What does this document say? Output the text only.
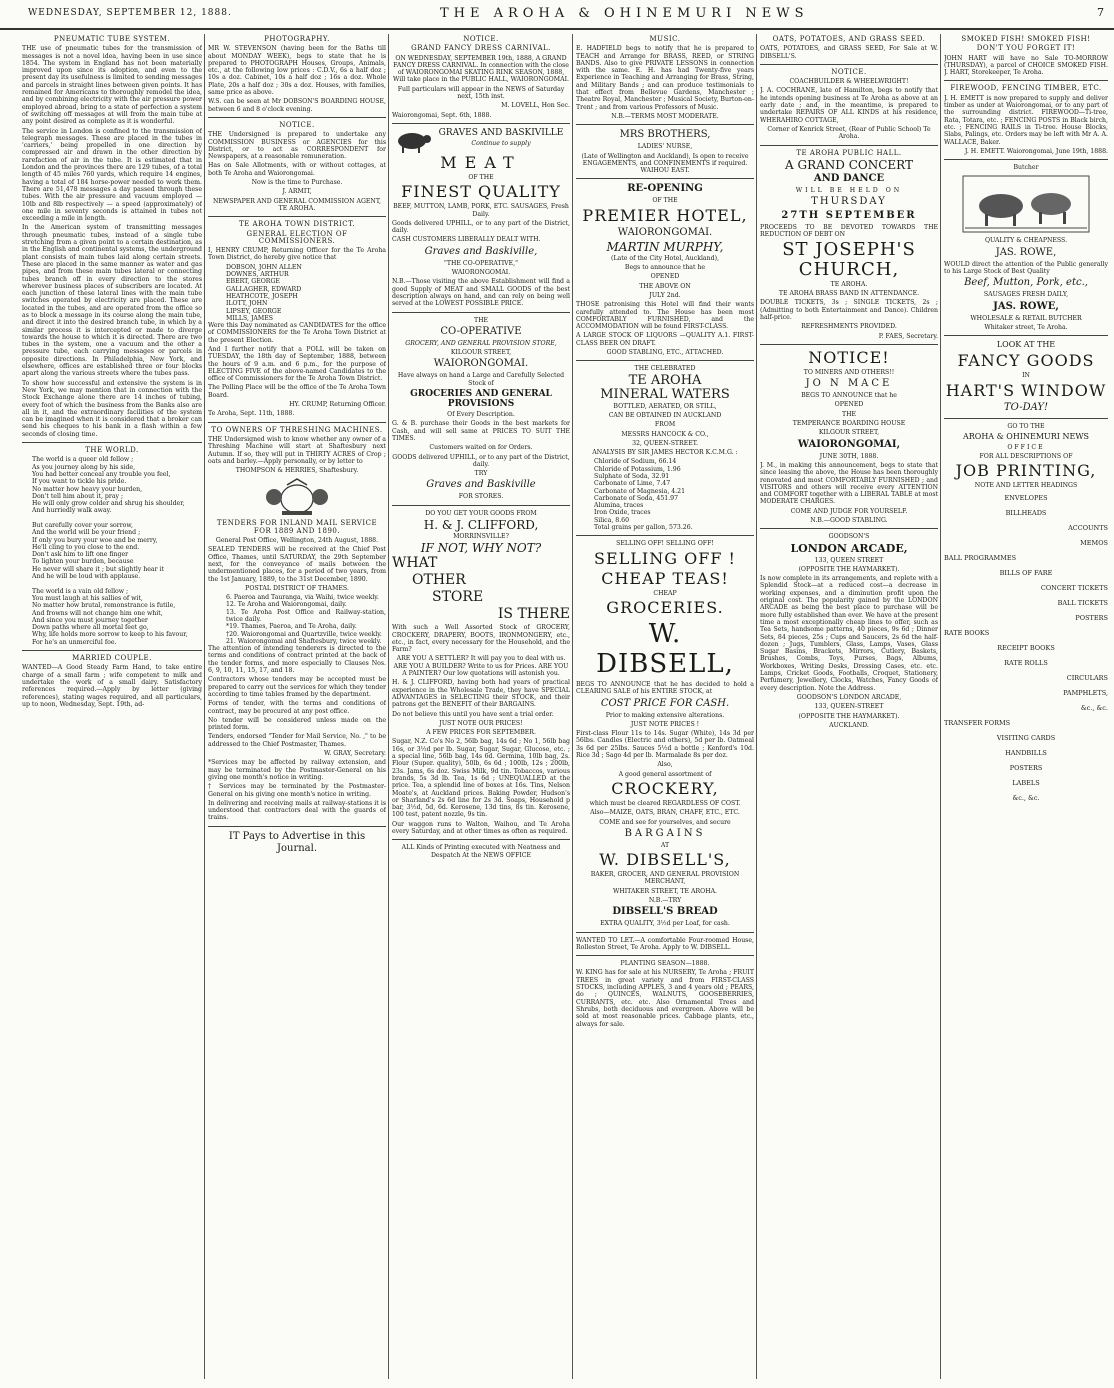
WEDNESDAY, SEPTEMBER 12, 1888.	THE AROHA & OHINEMURI NEWS	7
PNEUMATIC TUBE SYSTEM.

THE use of pneumatic tubes for the transmission of messages is not a novel idea, having been in use since 1854. The system in England has not been materially improved upon since its adoption, and even to the present day its usefulness is limited to sending messages and parcels in straight lines between given points. It has remained for Americans to thoroughly remodel the idea, and by combining electricity with the air pressure power employed abroad, bring to a state of perfection a system of switching off messages at will from the main tube at any point desired as complete as it is wonderful.

The service in London is confined to the transmission of telegraph messages. These are placed in the tubes in 'carriers,' being propelled in one direction by compressed air and drawn in the other direction by rarefaction of air in the tube. It is estimated that in London and the provinces there are 129 tubes, of a total length of 45 miles 760 yards, which require 14 engines, having a total of 184 horse-power needed to work them. There are 51,478 messages a day passed through these tubes. With the air pressure and vacuum employed — 10lb and 8lb respectively — a speed (approximately) of one mile in seventy seconds is attained in tubes not exceeding a mile in length.

In the American system of transmitting messages through pneumatic tubes, instead of a single tube stretching from a given point to a certain destination, as in the English and continental systems, the underground plant consists of main tubes laid along certain streets. These are placed in the same manner as water and gas pipes, and from these main tubes lateral or connecting tubes branch off in every direction to the stores wherever business places of subscribers are located. At each junction of these lateral lines with the main tube switches operated by electricity are placed. These are located in the tubes, and are operated from the office so as to block a message in its course along the main tube, and direct it into the desired branch tube, in which by a similar process it is intercepted or made to diverge towards the house to which it is directed. There are two tubes in the system, one a vacuum and the other a pressure tube, each carrying messages or parcels in opposite directions. In Philadelphia, New York, and elsewhere, offices are established three or four blocks apart along the various streets where the tubes pass.

To show how successful and extensive the system is in New York, we may mention that in connection with the Stock Exchange alone there are 14 inches of tubing, every foot of which the business from the Banks also are all in it, and the extraordinary facilities of the system can be imagined when it is considered that a broker can send his cheques to his bank in a flash within a few seconds of closing time.

THE WORLD.

The world is a queer old fellow ;
As you journey along by his side,
You had better conceal any trouble you feel,
If you want to tickle his pride.
No matter how heavy your burden,
Don't tell him about it, pray ;
He will only grow colder and shrug his shoulder,
And hurriedly walk away.

But carefully cover your sorrow,
And the world will be your friend ;
If only you bury your woe and be merry,
He'll cling to you close to the end.
Don't ask him to lift one finger
To lighten your burden, because
He never will share it ; but slightly hear it
And he will be loud with applause.

The world is a vain old fellow ;
You must laugh at his sallies of wit,
No matter how brutal, remonstrance is futile,
And frowns will not change him one whit,
And since you must journey together
Down paths where all mortal feet go,
Why, life holds more sorrow to keep to his favour,
For he's an unmerciful foe.

MARRIED COUPLE.

WANTED—A Good Steady Farm Hand, to take entire charge of a small farm ; wife competent to milk and undertake the work of a small dairy. Satisfactory references required.—Apply by letter (giving references), stating wages required, and all particulars, up to noon, Wednesday, Sept. 19th, ad-

PHOTOGRAPHY.

MR W. STEVENSON (having been for the Baths till about MONDAY WEEK), begs to state that he is prepared to PHOTOGRAPH Houses, Groups, Animals, etc., at the following low prices : C.D.V., 6s a half doz ; 10s a doz. Cabinet, 10s a half doz ; 16s a doz. Whole Plate, 20s a half doz ; 30s a doz. Houses, with families, same price as above.

W.S. can be seen at Mr DOBSON'S BOARDING HOUSE, between 6 and 8 o'clock evening.

NOTICE.

THE Undersigned is prepared to undertake any COMMISSION BUSINESS or AGENCIES for this District, or to act as CORRESPONDENT for Newspapers, at a reasonable remuneration.

Has on Sale Allotments, with or without cottages, at both Te Aroha and Waiorongomai.

Now is the time to Purchase.

J. ARMIT,

NEWSPAPER AND GENERAL COMMISSION AGENT, TE AROHA.

TE AROHA TOWN DISTRICT.
GENERAL ELECTION OF COMMISSIONERS.

I, HENRY CRUMP, Returning Officer for the Te Aroha Town District, do hereby give notice that

DOBSON, JOHN ALLEN

DOWNES, ARTHUR

EBERT, GEORGE

GALLAGHER, EDWARD

HEATHCOTE, JOSEPH

ILOTT, JOHN

LIPSEY, GEORGE

MILLS, JAMES

Were this Day nominated as CANDIDATES for the office of COMMISSIONERS for the Te Aroha Town District at the present Election.

And I further notify that a POLL will be taken on TUESDAY, the 18th day of September, 1888, between the hours of 9 a.m. and 6 p.m., for the purpose of ELECTING FIVE of the above-named Candidates to the office of Commissioners for the Te Aroha Town District.

The Polling Place will be the office of the Te Aroha Town Board.

HY. CRUMP, Returning Officer.

Te Aroha, Sept. 11th, 1888.

TO OWNERS OF THRESHING MACHINES.

THE Undersigned wish to know whether any owner of a Threshing Machine will start at Shaftesbury next Autumn. If so, they will put in THIRTY ACRES of Crop ; oats and barley.—Apply personally, or by letter to

THOMPSON & HERRIES, Shaftesbury.

TENDERS FOR INLAND MAIL SERVICE FOR 1889 AND 1890.

General Post Office, Wellington, 24th August, 1888.

SEALED TENDERS will be received at the Chief Post Office, Thames, until SATURDAY, the 29th September next, for the conveyance of mails between the undermentioned places, for a period of two years, from the 1st January, 1889, to the 31st December, 1890.

POSTAL DISTRICT OF THAMES.

6. Paeroa and Tauranga, via Waihi, twice weekly.

12. Te Aroha and Waiorongomai, daily.

13. Te Aroha Post Office and Railway-station, twice daily.

*19. Thames, Paeroa, and Te Aroha, daily.

†20. Waiorongomai and Quartzville, twice weekly.

21. Waiorongomai and Shaftesbury, twice weekly.

The attention of intending tenderers is directed to the terms and conditions of contract printed at the back of the tender forms, and more especially to Clauses Nos. 6, 9, 10, 11, 15, 17, and 18.

Contractors whose tenders may be accepted must be prepared to carry out the services for which they tender according to time tables framed by the department.

Forms of tender, with the terms and conditions of contract, may be procured at any post office.

No tender will be considered unless made on the printed form.

Tenders, endorsed "Tender for Mail Service, No. ," to be addressed to the Chief Postmaster, Thames.

W. GRAY, Secretary.

*Services may be affected by railway extension, and may be terminated by the Postmaster-General on his giving one month's notice in writing.

† Services may be terminated by the Postmaster-General on his giving one month's notice in writing.

In delivering and receiving mails at railway-stations it is understood that contractors deal with the guards of trains.

IT Pays to Advertise in this Journal.

NOTICE.
GRAND FANCY DRESS CARNIVAL.

ON WEDNESDAY, SEPTEMBER 19th, 1888, A GRAND FANCY DRESS CARNIVAL. In connection with the close of WAIORONGOMAI SKATING RINK SEASON, 1888, Will take place in the PUBLIC HALL, WAIORONGOMAI.

Full particulars will appear in the NEWS of Saturday next, 15th inst.

M. LOVELL, Hon Sec.

Waiorongomai, Sept. 6th, 1888.

GRAVES AND BASKIVILLE

Continue to supply

MEAT

OF THE

FINEST QUALITY

BEEF, MUTTON, LAMB, PORK, ETC. SAUSAGES, Fresh Daily.

Goods delivered UPHILL, or to any part of the District, daily.

CASH CUSTOMERS LIBERALLY DEALT WITH.

Graves and Baskiville,

"THE CO-OPERATIVE,"

WAIORONGOMAI.

N.B.—Those visiting the above Establishment will find a good Supply of MEAT and SMALL GOODS of the best description always on hand, and can rely on being well served at the LOWEST POSSIBLE PRICE.

THE

CO-OPERATIVE

GROCERY, AND GENERAL PROVISION STORE,

KILGOUR STREET,

WAIORONGOMAI.

Have always on hand a Large and Carefully Selected Stock of

GROCERIES AND GENERAL PROVISIONS

Of Every Description.

G. & B. purchase their Goods in the best markets for Cash, and will sell same at PRICES TO SUIT THE TIMES.

Customers waited on for Orders.

GOODS delivered UPHILL, or to any part of the District, daily.

TRY

Graves and Baskiville

FOR STORES.

DO YOU GET YOUR GOODS FROM

H. & J. CLIFFORD,

MORRINSVILLE?

IF NOT, WHY NOT?

WHAT

OTHER

STORE

IS THERE

With such a Well Assorted Stock of GROCERY, CROCKERY, DRAPERY, BOOTS, IRONMONGERY, etc., etc., in fact, every necessary for the Household, and the Farm?

ARE YOU A SETTLER? It will pay you to deal with us. ARE YOU A BUILDER? Write to us for Prices. ARE YOU A PAINTER? Our low quotations will astonish you.

H. & J. CLIFFORD, having both had years of practical experience in the Wholesale Trade, they have SPECIAL ADVANTAGES in SELECTING their STOCK, and their patrons get the BENEFIT of their BARGAINS.

Do not believe this until you have sent a trial order.

JUST NOTE OUR PRICES!

A FEW PRICES FOR SEPTEMBER.

Sugar, N.Z. Co's No 2, 56lb bag, 14s 6d ; No 1, 56lb bag 16s, or 3½d per lb. Sugar, Sugar, Sugar, Glucose, etc. ; a special line, 56lb bag, 14s 6d. Germina, 10lb bag, 2s. Flour (Super. quality), 50lb, 6s 6d ; 100lb, 12s ; 200lb, 23s. Jams, 6s doz. Swiss Milk, 9d tin. Tobaccos, various brands, 5s 3d lb. Tea, 1s 6d ; UNEQUALLED at the price. Tea, a splendid line of boxes at 16s. Tins, Nelson Moate's, at Auckland prices. Baking Powder, Hudson's or Sharland's 2s 6d line for 2s 3d. Soaps, Household p bar, 3½d, 5d, 6d. Kerosene, 13d tins, 8s tin. Kerosene, 100 test, patent nozzle, 9s tin.

Our waggon runs to Walton, Waihou, and Te Aroha every Saturday, and at other times as often as required.

ALL Kinds of Printing executed with Neatness and Despatch At the NEWS OFFICE

MUSIC.

E. HADFIELD begs to notify that he is prepared to TEACH and Arrange for BRASS, REED, or STRING BANDS. Also to give PRIVATE LESSONS in connection with the same. E. H. has had Twenty-five years Experience in Teaching and Arranging for Brass, String, and Military Bands ; and can produce testimonials to that effect from Bellevue Gardens, Manchester ; Theatre Royal, Manchester ; Musical Society, Burton-on-Trent ; and from various Professors of Music.

N.B.—TERMS MOST MODERATE.

MRS BROTHERS,

LADIES' NURSE,

(Late of Wellington and Auckland), Is open to receive ENGAGEMENTS, and CONFINEMENTS if required. WAIHOU EAST.

RE-OPENING

OF THE

PREMIER HOTEL,

WAIORONGOMAI.

MARTIN MURPHY,

(Late of the City Hotel, Auckland),

Begs to announce that he

OPENED

THE ABOVE ON

JULY 2nd.

THOSE patronising this Hotel will find their wants carefully attended to. The House has been most COMFORTABLY FURNISHED, and the ACCOMMODATION will be found FIRST-CLASS.

A LARGE STOCK OF LIQUORS —QUALITY A.1. FIRST-CLASS BEER ON DRAFT.

GOOD STABLING, ETC., ATTACHED.

THE CELEBRATED

TE AROHA

MINERAL WATERS

BOTTLED, AERATED, OR STILL,

CAN BE OBTAINED IN AUCKLAND

FROM

MESSRS HANCOCK & CO.,

32, QUEEN-STREET.

ANALYSIS BY SIR JAMES HECTOR K.C.M.G. :

Chloride of Sodium, 66.14

Chloride of Potassium, 1.96

Sulphate of Soda, 32.91

Carbonate of Lime, 7.47

Carbonate of Magnesia, 4.21

Carbonate of Soda, 451.97

Alumina, traces

Iron Oxide, traces

Silica, 8.60

Total grains per gallon, 573.26.

SELLING OFF! SELLING OFF!

SELLING OFF !

CHEAP TEAS!

CHEAP

GROCERIES.

W. DIBSELL,

BEGS TO ANNOUNCE that he has decided to hold a CLEARING SALE of his ENTIRE STOCK, at

COST PRICE FOR CASH.

Prior to making extensive alterations.

JUST NOTE PRICES !

First-class Flour 11s to 14s. Sugar (White), 14s 3d per 56lbs. Candles (Electric and others), 5d per lb. Oatmeal 3s 6d per 25lbs. Sauces 5½d a bottle ; Kenford's 10d. Rice 3d ; Sago 4d per lb. Marmalade 8s per doz.

Also,

A good general assortment of

CROCKERY,

which must be cleared REGARDLESS OF COST.

Also—MAIZE, OATS, BRAN, CHAFF, ETC., ETC.

COME and see for yourselves, and secure

BARGAINS

AT

W. DIBSELL'S,

BAKER, GROCER, AND GENERAL PROVISION MERCHANT,

WHITAKER STREET, TE AROHA.

N.B.—TRY

DIBSELL'S BREAD

EXTRA QUALITY, 3½d per Loaf, for cash.

WANTED TO LET.—A comfortable Four-roomed House, Rolleston Street, Te Aroha. Apply to W. DIBSELL.

PLANTING SEASON—1888.

W. KING has for sale at his NURSERY, Te Aroha ; FRUIT TREES in great variety and from FIRST-CLASS STOCKS, including APPLES, 3 and 4 years old ; PEARS, do ; QUINCES, WALNUTS, GOOSEBERRIES, CURRANTS, etc. etc. Also Ornamental Trees and Shrubs, both deciduous and evergreen. Above will be sold at most reasonable prices. Cabbage plants, etc., always for sale.

OATS, POTATOES, AND GRASS SEED.

OATS, POTATOES, and GRASS SEED, For Sale at W. DIBSELL'S.

NOTICE.

COACHBUILDER & WHEELWRIGHT!

J. A. COCHRANE, late of Hamilton, begs to notify that he intends opening business at Te Aroha as above at an early date ; and, in the meantime, is prepared to undertake REPAIRS OF ALL KINDS at his residence, WHERAHIRO COTTAGE,

Corner of Kenrick Street, (Rear of Public School) Te Aroha.

TE AROHA PUBLIC HALL.

A GRAND CONCERT

AND DANCE

WILL BE HELD ON

THURSDAY

27TH SEPTEMBER

PROCEEDS TO BE DEVOTED TOWARDS THE REDUCTION OF DEBT ON

ST JOSEPH'S

CHURCH,

TE AROHA.

TE AROHA BRASS BAND IN ATTENDANCE.

DOUBLE TICKETS, 3s ; SINGLE TICKETS, 2s ; (Admitting to both Entertainment and Dance). Children half-price.

REFRESHMENTS PROVIDED.

P. FAES, Secretary.

NOTICE!

TO MINERS AND OTHERS!!

JO N MACE

BEGS TO ANNOUNCE that he

OPENED

THE

TEMPERANCE BOARDING HOUSE

KILGOUR STREET,

WAIORONGOMAI,

JUNE 30TH, 1888.

J. M., in making this announcement, begs to state that since leasing the above, the House has been thoroughly renovated and most COMFORTABLY FURNISHED ; and VISITORS and others will receive every ATTENTION and COMFORT together with a LIBERAL TABLE at most MODERATE CHARGES.

COME AND JUDGE FOR YOURSELF.

N.B.—GOOD STABLING.

GOODSON'S

LONDON ARCADE,

133, QUEEN STREET

(OPPOSITE THE HAYMARKET).

Is now complete in its arrangements, and replete with a Splendid Stock—at a reduced cost—a decrease in working expenses, and a diminution profit upon the original cost. The popularity gained by the LONDON ARCADE as being the best place to purchase will be more fully established than ever. We have at the present time a most exceptionally cheap lines to offer, such as Tea Sets, handsome patterns, 40 pieces, 9s 6d ; Dinner Sets, 84 pieces, 25s ; Cups and Saucers, 2s 6d the half-dozen ; Jugs, Tumblers, Glass, Lamps, Vases, Glass Sugar Basins, Brackets, Mirrors, Cutlery, Baskets, Brushes, Combs, Toys, Purses, Bags, Albums, Workboxes, Writing Desks, Dressing Cases, etc. etc. Lamps, Cricket Goods, Footballs, Croquet, Stationery, Perfumery, Jewellery, Clocks, Watches, Fancy Goods of every description. Note the Address.

GOODSON'S LONDON ARCADE,

133, QUEEN-STREET

(OPPOSITE THE HAYMARKET).

AUCKLAND.

SMOKED FISH! SMOKED FISH!
DON'T YOU FORGET IT!

JOHN HART will have no Sale TO-MORROW (THURSDAY), a parcel of CHOICE SMOKED FISH. J. HART, Storekeeper, Te Aroha.

FIREWOOD, FENCING TIMBER, ETC.

J. H. EMETT is now prepared to supply and deliver timber as under at Waiorongomai, or to any part of the surrounding district. FIREWOOD—Ti-tree, Rata, Totara, etc. ; FENCING POSTS in Black birch, etc. ; FENCING RAILS in Ti-tree. House Blocks, Slabs, Palings, etc. Orders may be left with Mr A. A. WALLACE, Baker.

J. H. EMETT. Waiorongomai, June 19th, 1888.

Butcher

QUALITY & CHEAPNESS.

JAS. ROWE,

WOULD direct the attention of the Public generally to his Large Stock of Best Quality

Beef, Mutton, Pork, etc.,

SAUSAGES FRESH DAILY,

JAS. ROWE,

WHOLESALE & RETAIL BUTCHER

Whitaker street, Te Aroha.

LOOK AT THE

FANCY GOODS

IN

HART'S WINDOW

TO-DAY!

GO TO THE

AROHA & OHINEMURI NEWS

OFFICE

FOR ALL DESCRIPTIONS OF

JOB PRINTING,

NOTE AND LETTER HEADINGS

ENVELOPES

BILLHEADS

ACCOUNTS

MEMOS

BALL PROGRAMMES

BILLS OF FARE

CONCERT TICKETS

BALL TICKETS

POSTERS

RATE BOOKS

RECEIPT BOOKS

RATE ROLLS

CIRCULARS

PAMPHLETS,

&c., &c.

TRANSFER FORMS

VISITING CARDS

HANDBILLS

POSTERS

LABELS

&c., &c.
